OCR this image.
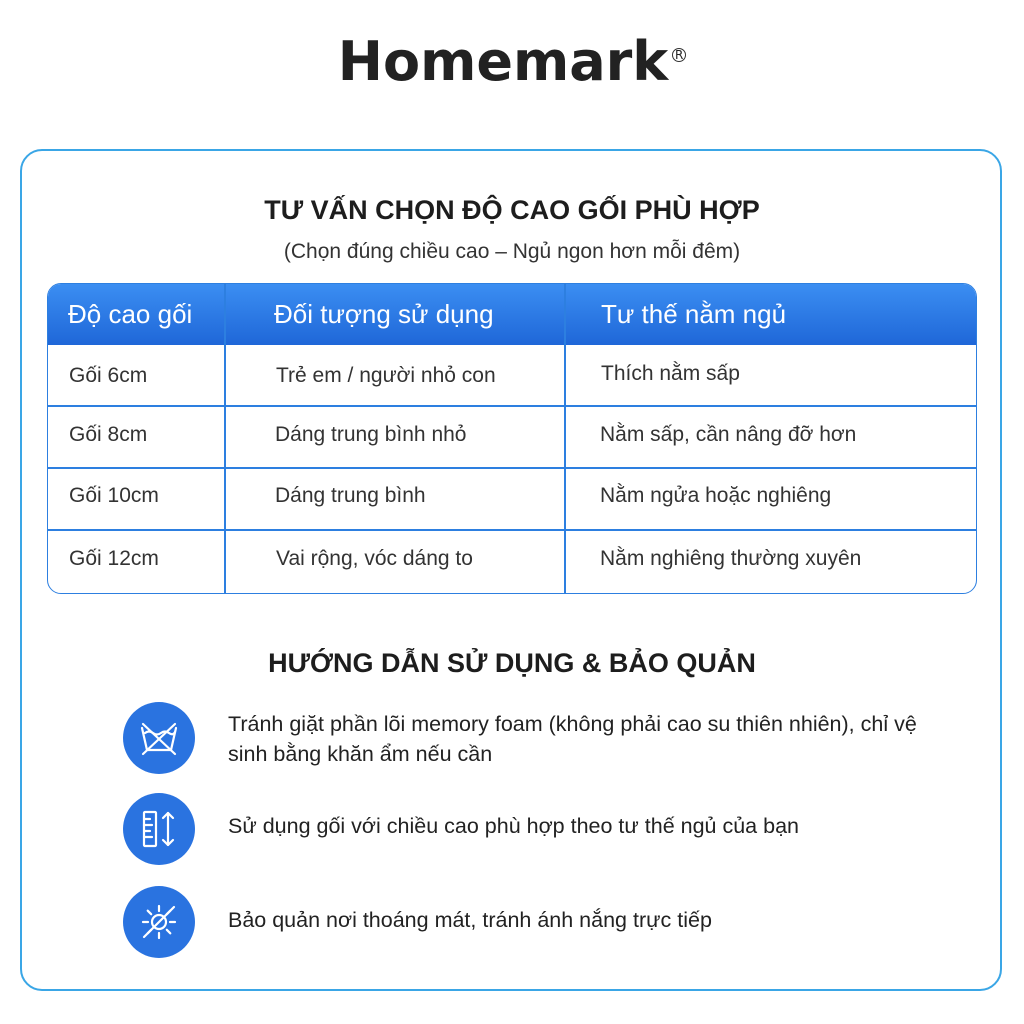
Homemark R
TƯ VẤN CHỌN ĐỘ CAO GỐI PHÙ HỢP
(Chọn đúng chiều cao – Ngủ ngon hơn mỗi đêm)
Độ cao gối	Đối tượng sử dụng	Tư thế nằm ngủ
Gối 6cm	Trẻ em / người nhỏ con	Thích nằm sấp
Gối 8cm	Dáng trung bình nhỏ	Nằm sấp, cần nâng đỡ hơn
Gối 10cm	Dáng trung bình	Nằm ngửa hoặc nghiêng
Gối 12cm	Vai rộng, vóc dáng to	Nằm nghiêng thường xuyên
HƯỚNG DẪN SỬ DỤNG & BẢO QUẢN
Tránh giặt phần lõi memory foam (không phải cao su thiên nhiên), chỉ vệ sinh bằng khăn ẩm nếu cần
Sử dụng gối với chiều cao phù hợp theo tư thế ngủ của bạn
Bảo quản nơi thoáng mát, tránh ánh nắng trực tiếp
